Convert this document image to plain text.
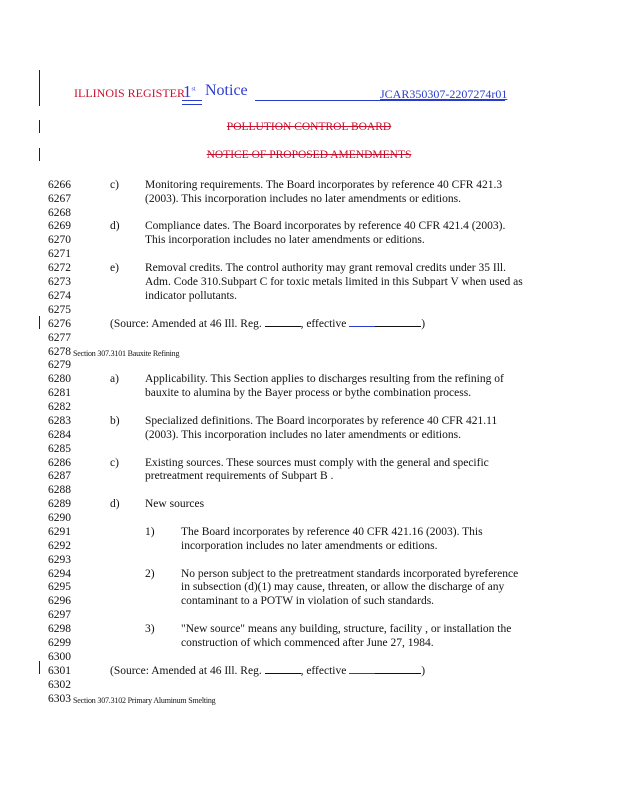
ILLINOIS REGISTER
1st Notice	JCAR350307-2207274r01
POLLUTION CONTROL BOARD
NOTICE OF PROPOSED AMENDMENTS
6266
6267
6268
6269
6270
6271
6272
6273
6274
6275
6276
6277
6278
6279
6280
6281
6282
6283
6284
6285
6286
6287
6288
6289
6290
6291
6292
6293
6294
6295
6296
6297
6298
6299
6300
6301
6302
6303
c) Monitoring requirements. The Board incorporates by reference 40 CFR 421.3
(2003). This incorporation includes no later amendments or editions.
d) Compliance dates. The Board incorporates by reference 40 CFR 421.4 (2003).
This incorporation includes no later amendments or editions.
e) Removal credits. The control authority may grant removal credits under 35 Ill.
Adm. Code 310.Subpart C for toxic metals limited in this Subpart V when used as
indicator pollutants.
(Source: Amended at 46 Ill. Reg.	, effective	)
Section 307.3101 Bauxite Refining
a) Applicability. This Section applies to discharges resulting from the refining of
bauxite to alumina by the Bayer process or bythe combination process.
b) Specialized definitions. The Board incorporates by reference 40 CFR 421.11
(2003). This incorporation includes no later amendments or editions.
c) Existing sources. These sources must comply with the general and specific
pretreatment requirements of Subpart B .
d) New sources
1) The Board incorporates by reference 40 CFR 421.16 (2003). This
incorporation includes no later amendments or editions.
2) No person subject to the pretreatment standards incorporated byreference
in subsection (d)(1) may cause, threaten, or allow the discharge of any
contaminant to a POTW in violation of such standards.
3) "New source" means any building, structure, facility , or installation the
construction of which commenced after June 27, 1984.
(Source: Amended at 46 Ill. Reg.	, effective	)
Section 307.3102 Primary Aluminum Smelting
